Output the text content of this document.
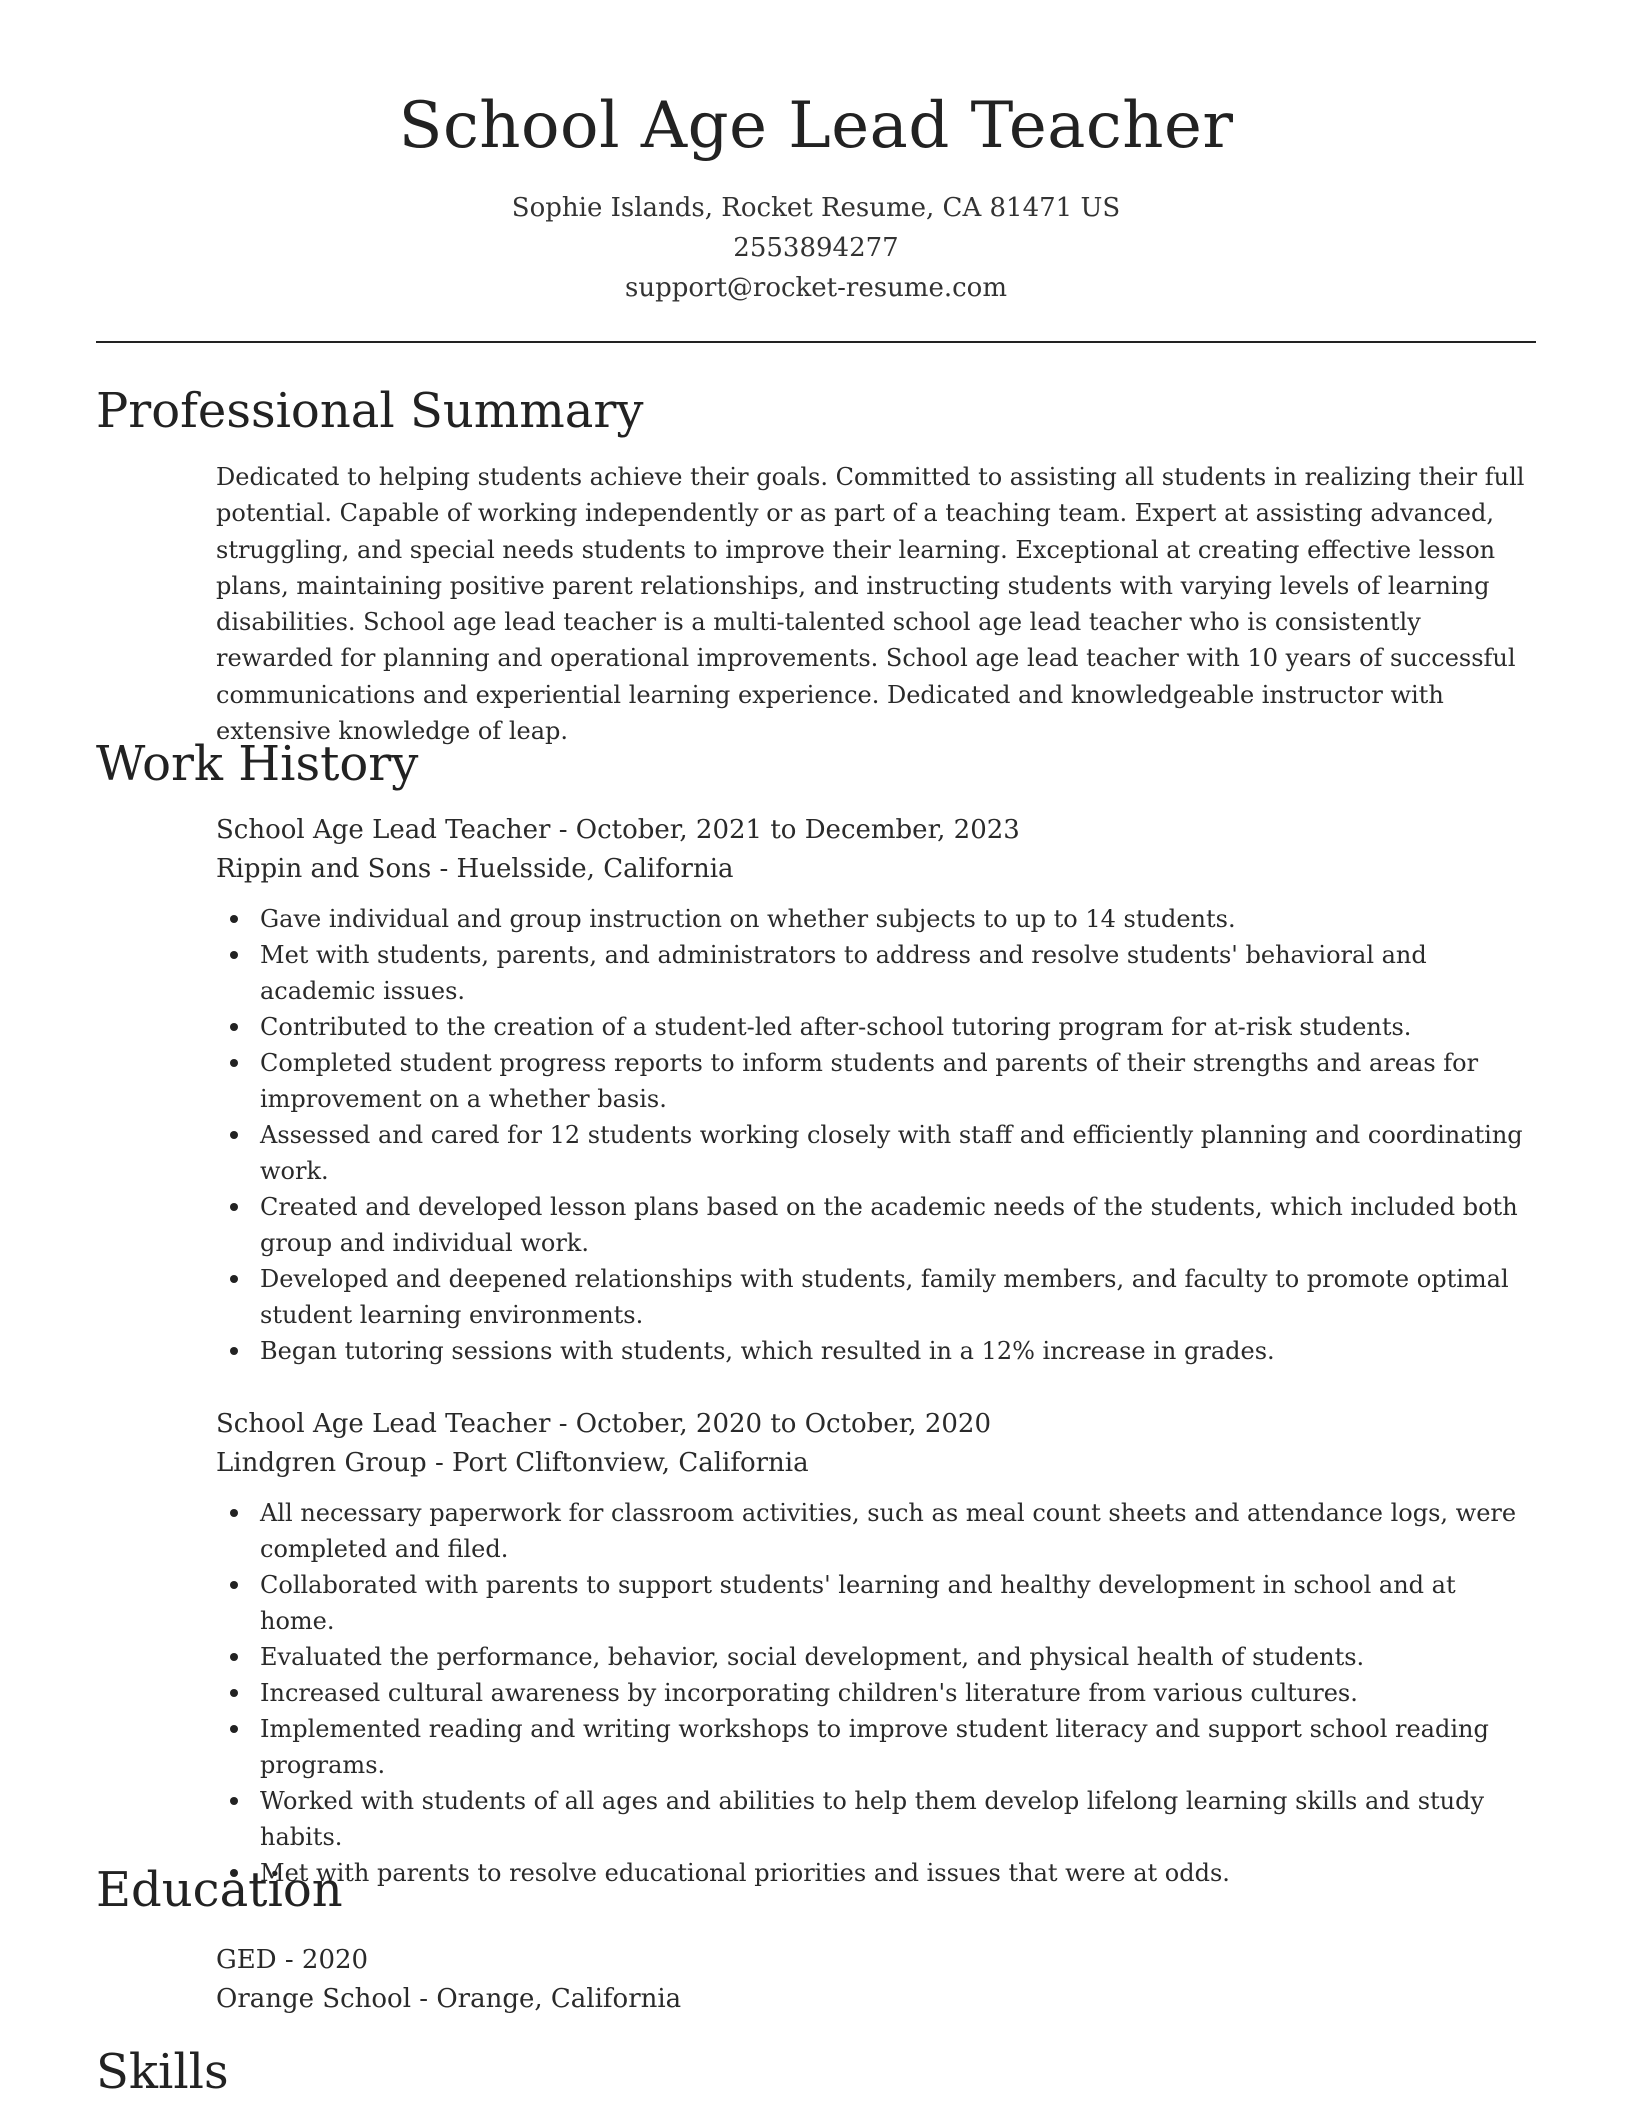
School Age Lead Teacher
Sophie Islands, Rocket Resume, CA 81471 US
2553894277
support@rocket-resume.com
Professional Summary

Dedicated to helping students achieve their goals. Committed to assisting all students in realizing their full potential. Capable of working independently or as part of a teaching team. Expert at assisting advanced, struggling, and special needs students to improve their learning. Exceptional at creating effective lesson plans, maintaining positive parent relationships, and instructing students with varying levels of learning disabilities. School age lead teacher is a multi-talented school age lead teacher who is consistently rewarded for planning and operational improvements. School age lead teacher with 10 years of successful communications and experiential learning experience. Dedicated and knowledgeable instructor with extensive knowledge of leap.

Work History
School Age Lead Teacher - October, 2021 to December, 2023
Rippin and Sons - Huelsside, California
Gave individual and group instruction on whether subjects to up to 14 students.
Met with students, parents, and administrators to address and resolve students' behavioral and academic issues.
Contributed to the creation of a student-led after-school tutoring program for at-risk students.
Completed student progress reports to inform students and parents of their strengths and areas for improvement on a whether basis.
Assessed and cared for 12 students working closely with staff and efficiently planning and coordinating work.
Created and developed lesson plans based on the academic needs of the students, which included both group and individual work.
Developed and deepened relationships with students, family members, and faculty to promote optimal student learning environments.
Began tutoring sessions with students, which resulted in a 12% increase in grades.
School Age Lead Teacher - October, 2020 to October, 2020
Lindgren Group - Port Cliftonview, California
All necessary paperwork for classroom activities, such as meal count sheets and attendance logs, were completed and filed.
Collaborated with parents to support students' learning and healthy development in school and at home.
Evaluated the performance, behavior, social development, and physical health of students.
Increased cultural awareness by incorporating children's literature from various cultures.
Implemented reading and writing workshops to improve student literacy and support school reading programs.
Worked with students of all ages and abilities to help them develop lifelong learning skills and study habits.
Met with parents to resolve educational priorities and issues that were at odds.
Education
GED - 2020
Orange School - Orange, California
Skills
